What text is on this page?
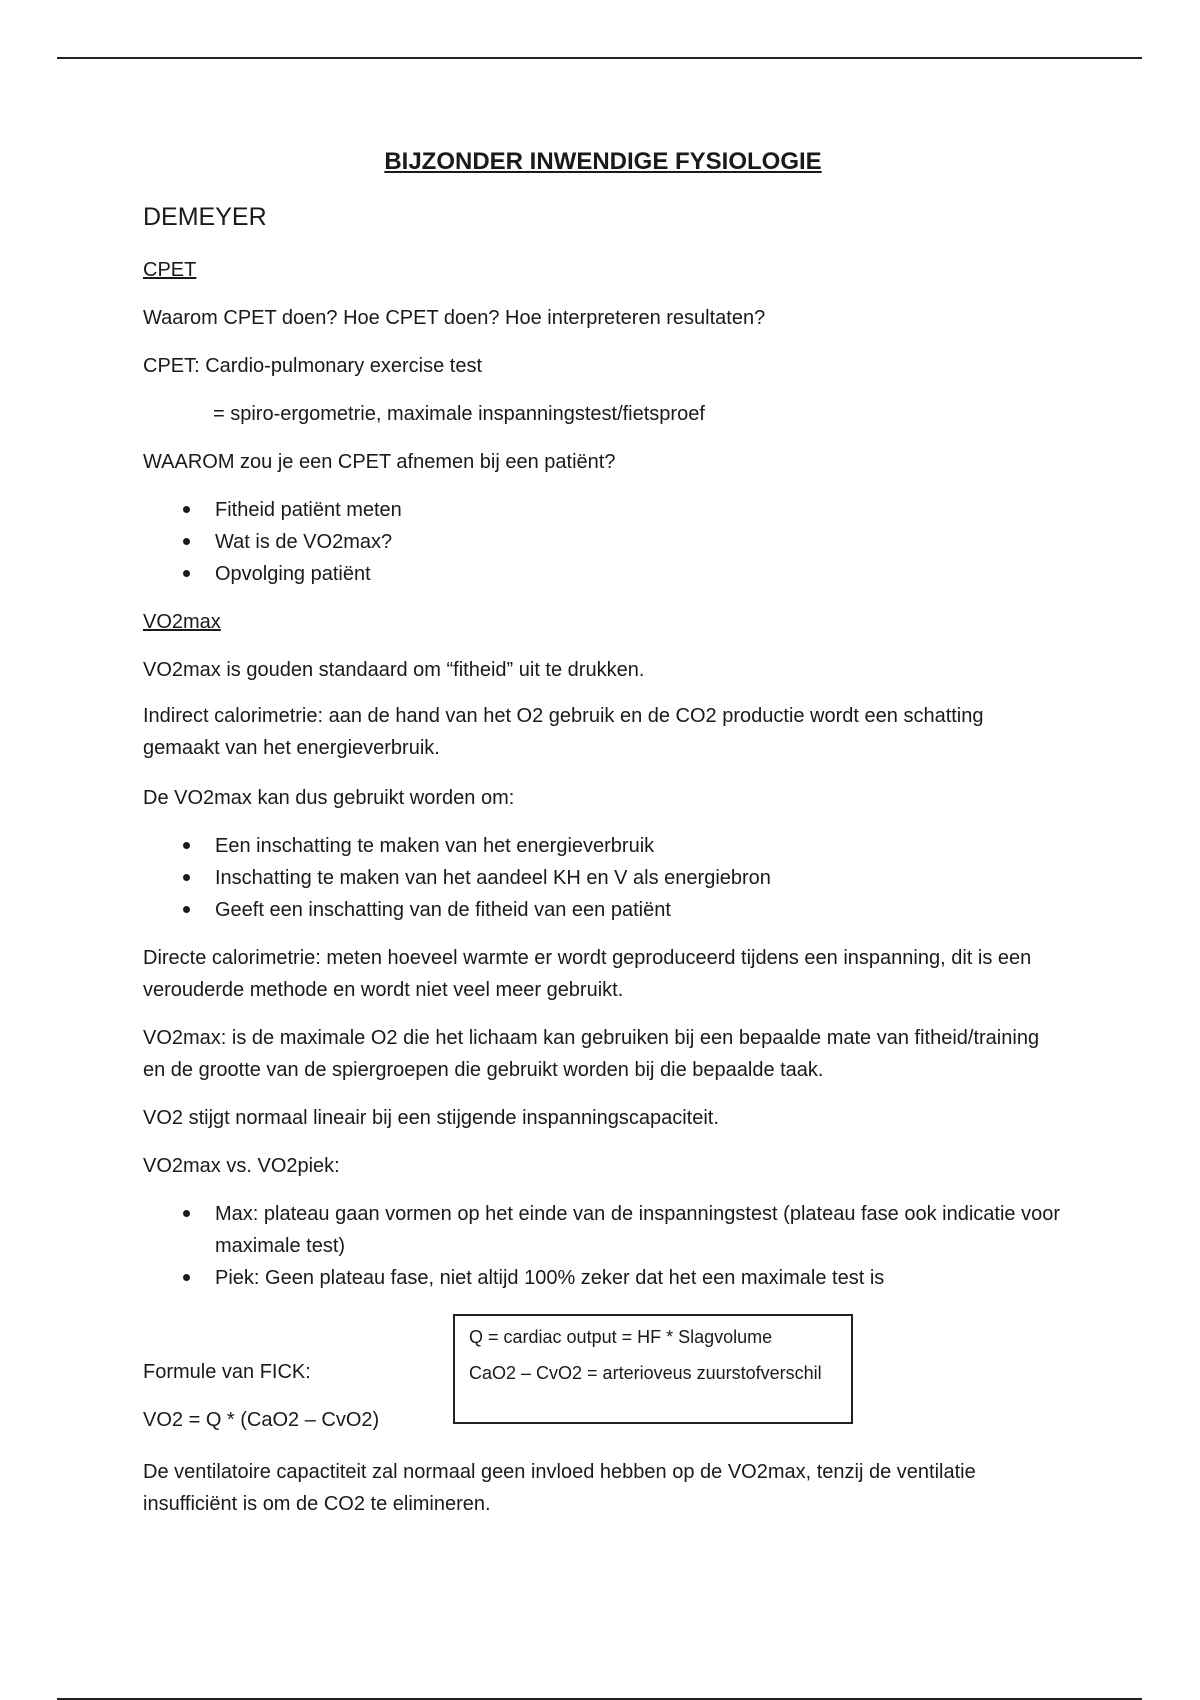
BIJZONDER INWENDIGE FYSIOLOGIE
DEMEYER

CPET

Waarom CPET doen? Hoe CPET doen? Hoe interpreteren resultaten?

CPET: Cardio-pulmonary exercise test

= spiro-ergometrie, maximale inspanningstest/fietsproef

WAAROM zou je een CPET afnemen bij een patiënt?

Fitheid patiënt meten
Wat is de VO2max?
Opvolging patiënt

VO2max

VO2max is gouden standaard om “fitheid” uit te drukken.

Indirect calorimetrie: aan de hand van het O2 gebruik en de CO2 productie wordt een schatting gemaakt van het energieverbruik.

De VO2max kan dus gebruikt worden om:

Een inschatting te maken van het energieverbruik
Inschatting te maken van het aandeel KH en V als energiebron
Geeft een inschatting van de fitheid van een patiënt

Directe calorimetrie: meten hoeveel warmte er wordt geproduceerd tijdens een inspanning, dit is een verouderde methode en wordt niet veel meer gebruikt.

VO2max: is de maximale O2 die het lichaam kan gebruiken bij een bepaalde mate van fitheid/training en de grootte van de spiergroepen die gebruikt worden bij die bepaalde taak.

VO2 stijgt normaal lineair bij een stijgende inspanningscapaciteit.

VO2max vs. VO2piek:

Max: plateau gaan vormen op het einde van de inspanningstest (plateau fase ook indicatie voor maximale test)
Piek: Geen plateau fase, niet altijd 100% zeker dat het een maximale test is

Q = cardiac output = HF * Slagvolume

CaO2 – CvO2 = arterioveus zuurstofverschil

Formule van FICK:

VO2 = Q * (CaO2 – CvO2)

De ventilatoire capactiteit zal normaal geen invloed hebben op de VO2max, tenzij de ventilatie insufficiënt is om de CO2 te elimineren.
